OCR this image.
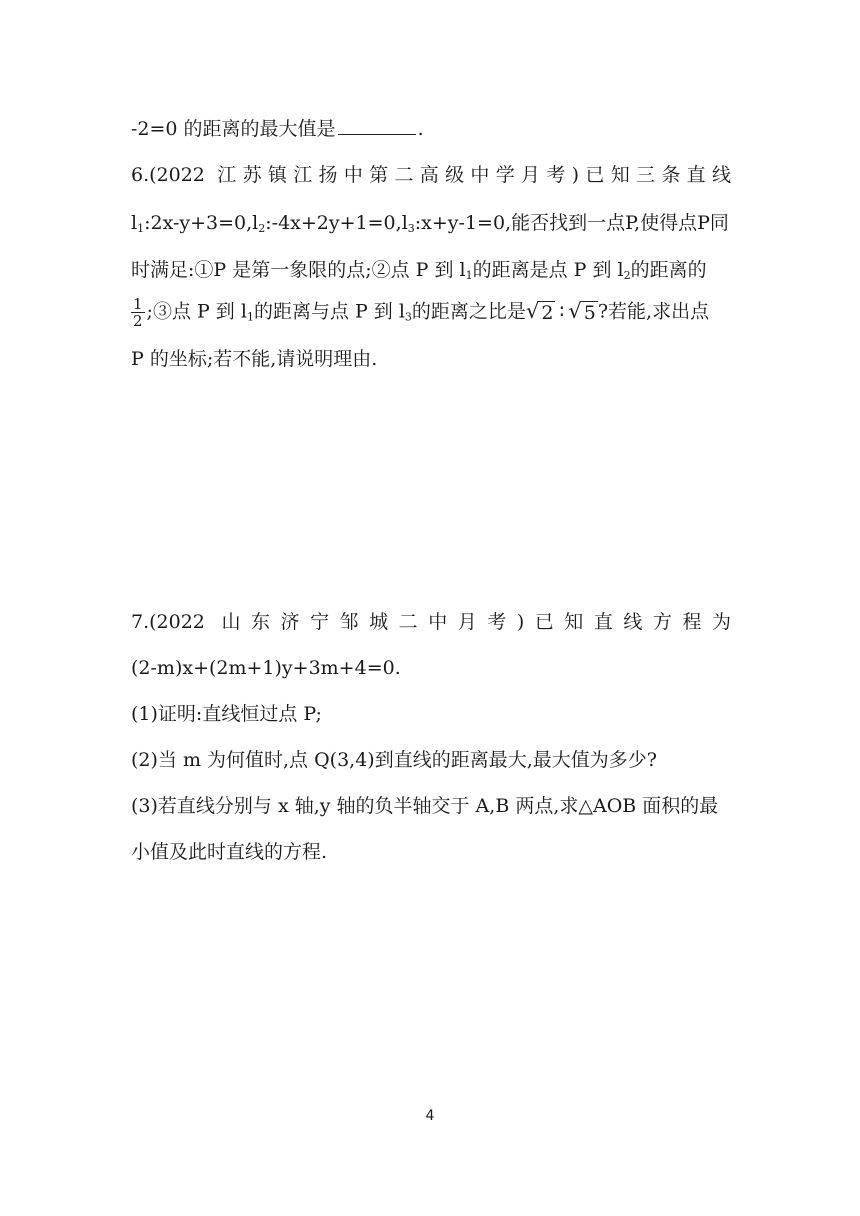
-2=0 的距离的最大值是	.
6.(2022 江苏镇江扬中第二高级中学月考)已知三条直线
$l_1:2x-y+3=0,l_2:-4x+2y+1=0,l_3:x+y-1=0$,能否找到一点P,使得点P同
时满足:①P 是第一象限的点;②点 P 到 $l_1$的距离是点 P 到 $l_2$的距离的
$\frac{1}{2}$ ;③点 P 到 $l_1$的距离与点 P 到 $l_3$的距离之比是 √ 2 ∶ √ 5 ?若能,求出点
P 的坐标;若不能,请说明理由.
7.(2022 山东济宁邹城二中月考)已知直线方程为
(2-m)x+(2m+1)y+3m+4=0.
(1)证明:直线恒过点 P;
(2)当 m 为何值时,点 Q(3,4)到直线的距离最大,最大值为多少?
(3)若直线分别与 x 轴,y 轴的负半轴交于 A,B 两点,求△AOB 面积的最
小值及此时直线的方程.
4
